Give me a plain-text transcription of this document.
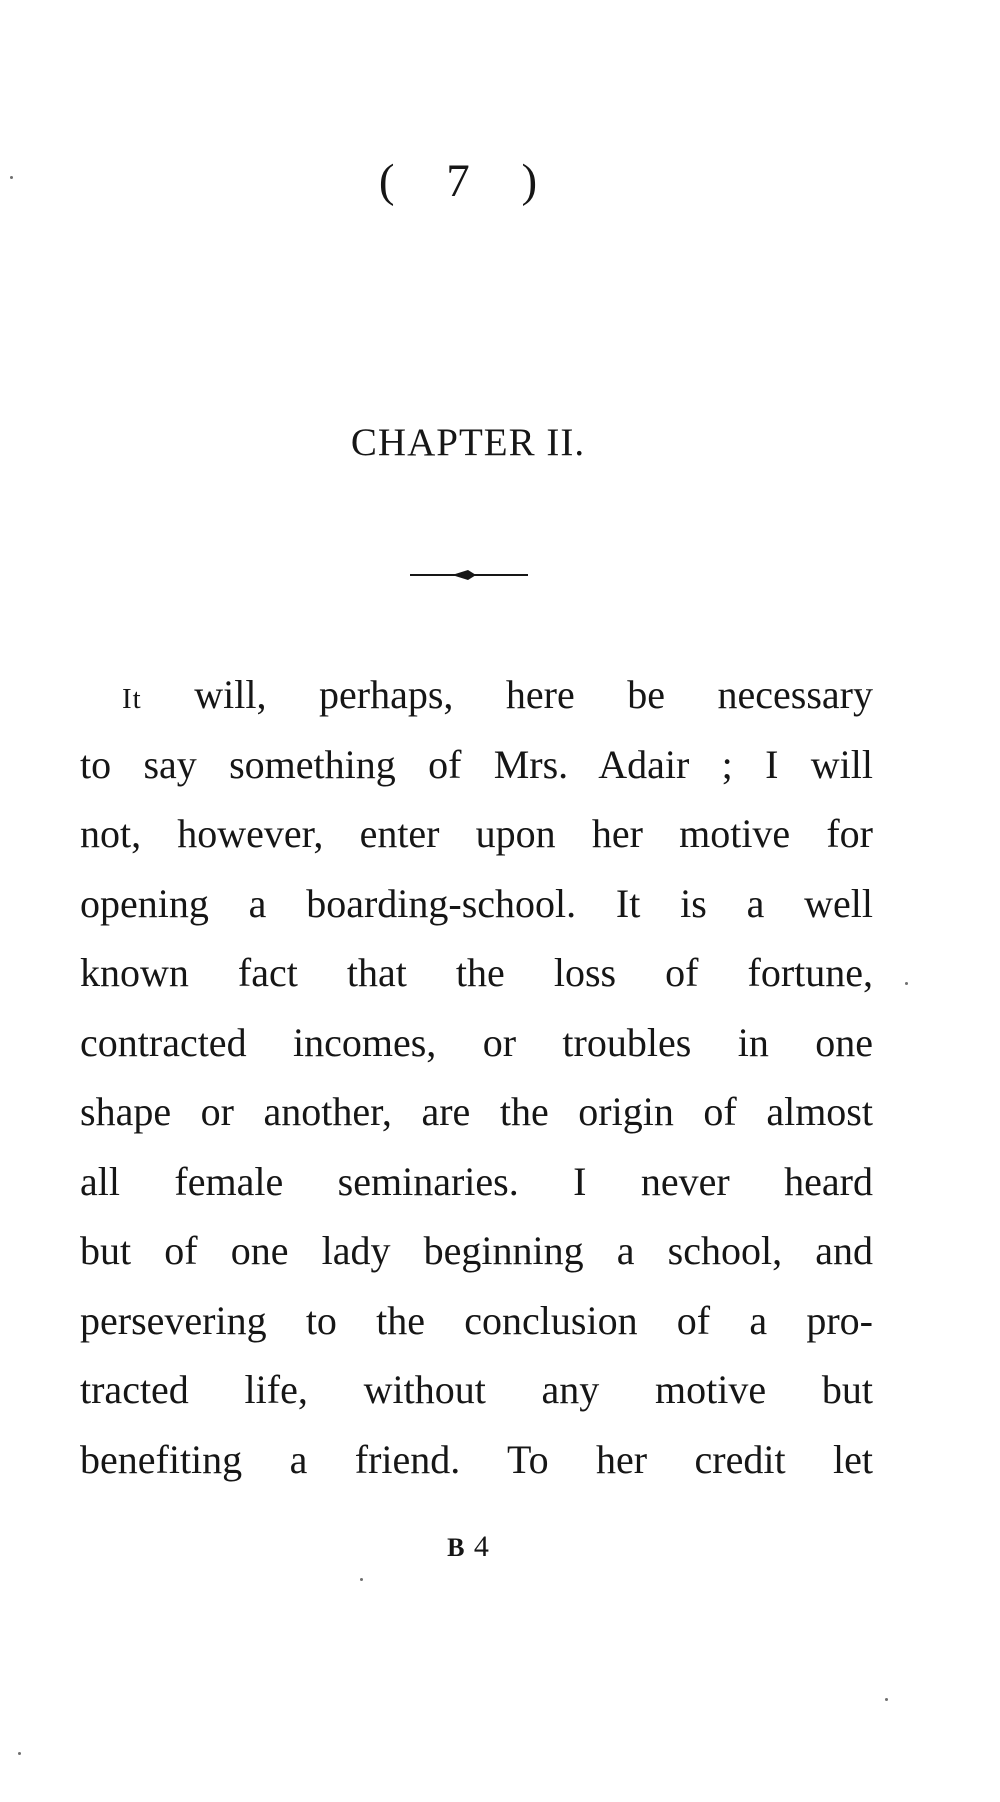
( 7 )
CHAPTER II.
It will, perhaps, here be necessary
to say something of Mrs. Adair ; I will
not, however, enter upon her motive for
opening a boarding-school. It is a well
known fact that the loss of fortune,
contracted incomes, or troubles in one
shape or another, are the origin of almost
all female seminaries. I never heard
but of one lady beginning a school, and
persevering to the conclusion of a pro-
tracted life, without any motive but
benefiting a friend. To her credit let
B 4
